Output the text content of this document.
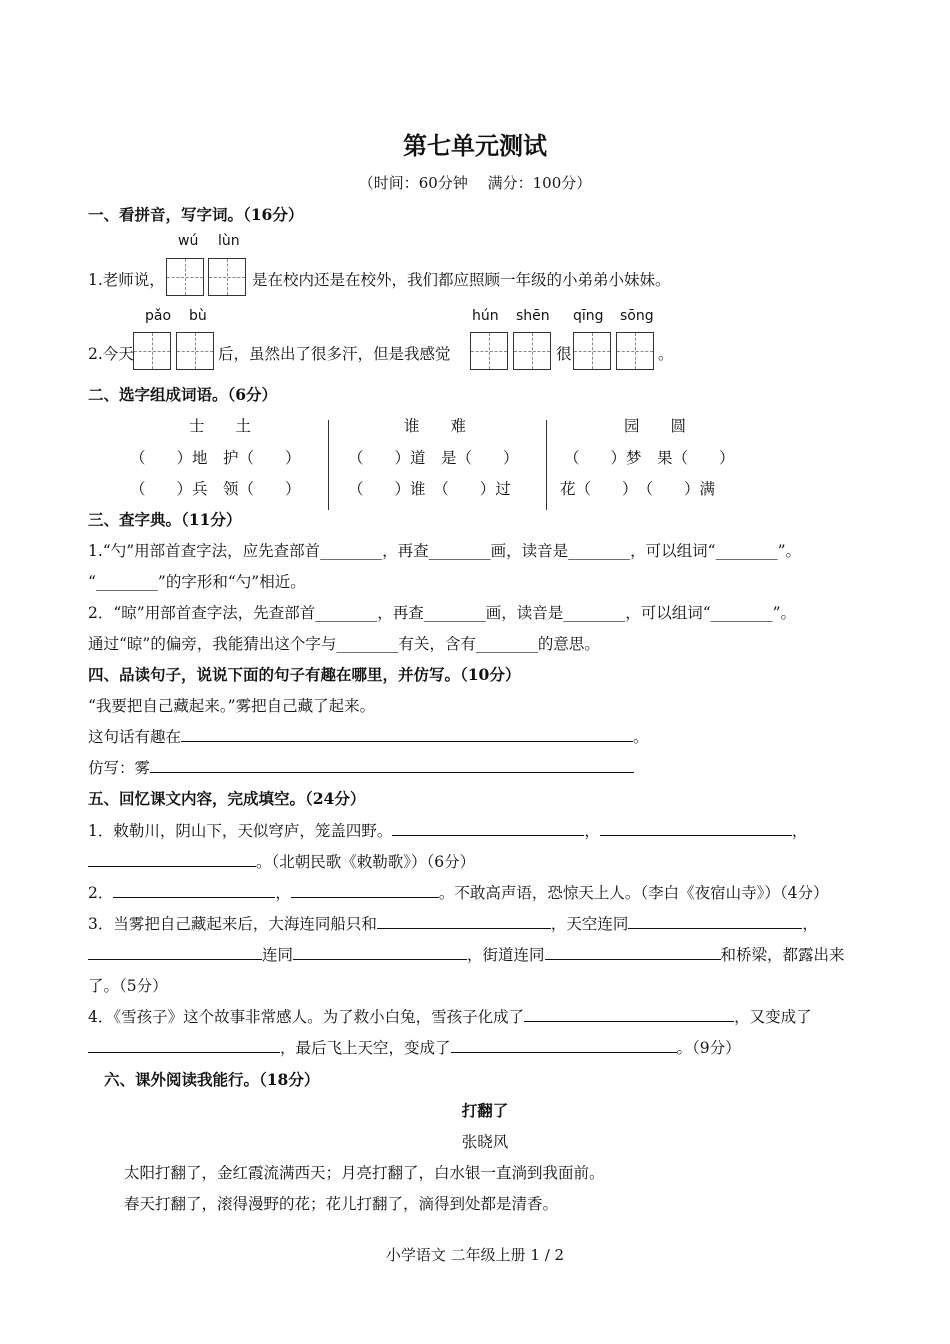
第七单元测试
（时间：60分钟　 满分：100分）
一、看拼音，写字词。（16分）
wú lùn
1.老师说，	是在校内还是在校外，我们都应照顾一年级的小弟弟小妹妹。
pǎo bù	hún shēn qīng sōng
2.今天	后，虽然出了很多汗，但是我感觉	很	。
二、选字组成词语。（6分）
士　　土
（　　）地　护（　　）
（　　）兵　领（　　）
谁　　难
（　　）道　是（　　）
（　　）谁　（　　）过
园　　圆
（　　）梦　果（　　）
花（　　）　（　　）满
三、查字典。（11分）
1.“勺”用部首查字法，应先查部首________，再查________画，读音是________，可以组词“________”。
“________”的字形和“勺”相近。
2．“晾”用部首查字法，先查部首________，再查________画，读音是________，可以组词“________”。
通过“晾”的偏旁，我能猜出这个字与________有关，含有________的意思。
四、品读句子，说说下面的句子有趣在哪里，并仿写。（10分）
“我要把自己藏起来。”雾把自己藏了起来。
这句话有趣在	。
仿写：雾
五、回忆课文内容，完成填空。（24分）
1．敕勒川，阴山下，天似穹庐，笼盖四野。	，	，
。（北朝民歌《敕勒歌》）（6分）
2．	，	。不敢高声语，恐惊天上人。（李白《夜宿山寺》）（4分）
3．当雾把自己藏起来后，大海连同船只和	，天空连同	，
连同	，街道连同	和桥梁，都露出来
了。（5分）
4．《雪孩子》这个故事非常感人。为了救小白兔，雪孩子化成了	，又变成了
，最后飞上天空，变成了	。（9分）
六、课外阅读我能行。（18分）
打翻了
张晓风
太阳打翻了，金红霞流满西天；月亮打翻了，白水银一直淌到我面前。
春天打翻了，滚得漫野的花；花儿打翻了，滴得到处都是清香。
小学语文 二年级上册 1 / 2
